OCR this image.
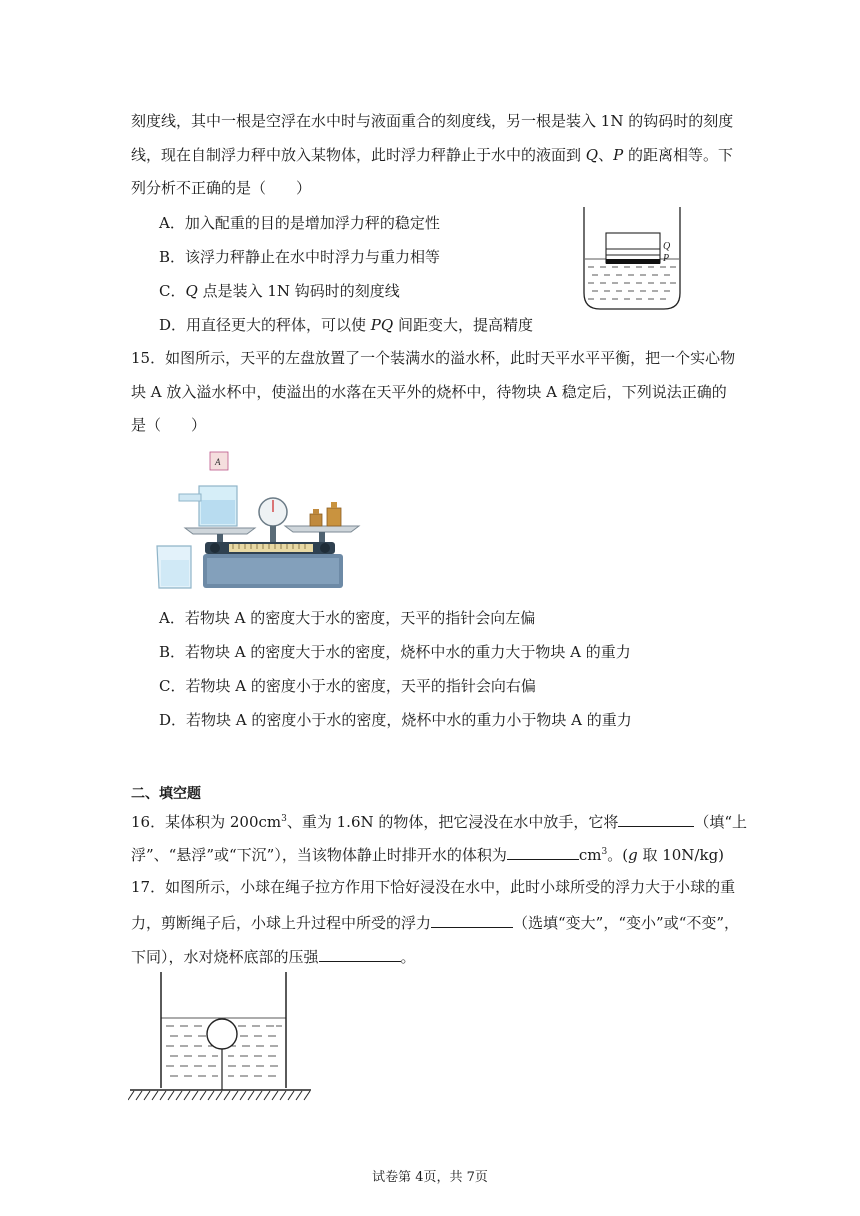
刻度线，其中一根是空浮在水中时与液面重合的刻度线，另一根是装入 1N 的钩码时的刻度
线，现在自制浮力秤中放入某物体，此时浮力秤静止于水中的液面到 Q、P 的距离相等。下
列分析不正确的是（　　）
A．加入配重的目的是增加浮力秤的稳定性
B．该浮力秤静止在水中时浮力与重力相等
C．Q 点是装入 1N 钩码时的刻度线
D．用直径更大的秤体，可以使 PQ 间距变大，提高精度
Q
P
15．如图所示，天平的左盘放置了一个装满水的溢水杯，此时天平水平平衡，把一个实心物
块 A 放入溢水杯中，使溢出的水落在天平外的烧杯中，待物块 A 稳定后，下列说法正确的
是（　　）
A
A．若物块 A 的密度大于水的密度，天平的指针会向左偏
B．若物块 A 的密度大于水的密度，烧杯中水的重力大于物块 A 的重力
C．若物块 A 的密度小于水的密度，天平的指针会向右偏
D．若物块 A 的密度小于水的密度，烧杯中水的重力小于物块 A 的重力
二、填空题
16．某体积为 $200cm^3$、重为 1.6N 的物体，把它浸没在水中放手，它将	（填“上
浮”、“悬浮”或“下沉”），当该物体静止时排开水的体积为	$cm^3$。(g 取 10N/kg)
17．如图所示，小球在绳子拉方作用下恰好浸没在水中，此时小球所受的浮力大于小球的重
力，剪断绳子后，小球上升过程中所受的浮力	（选填“变大”，“变小”或“不变”，
下同），水对烧杯底部的压强	。
试卷第 4页，共 7页
